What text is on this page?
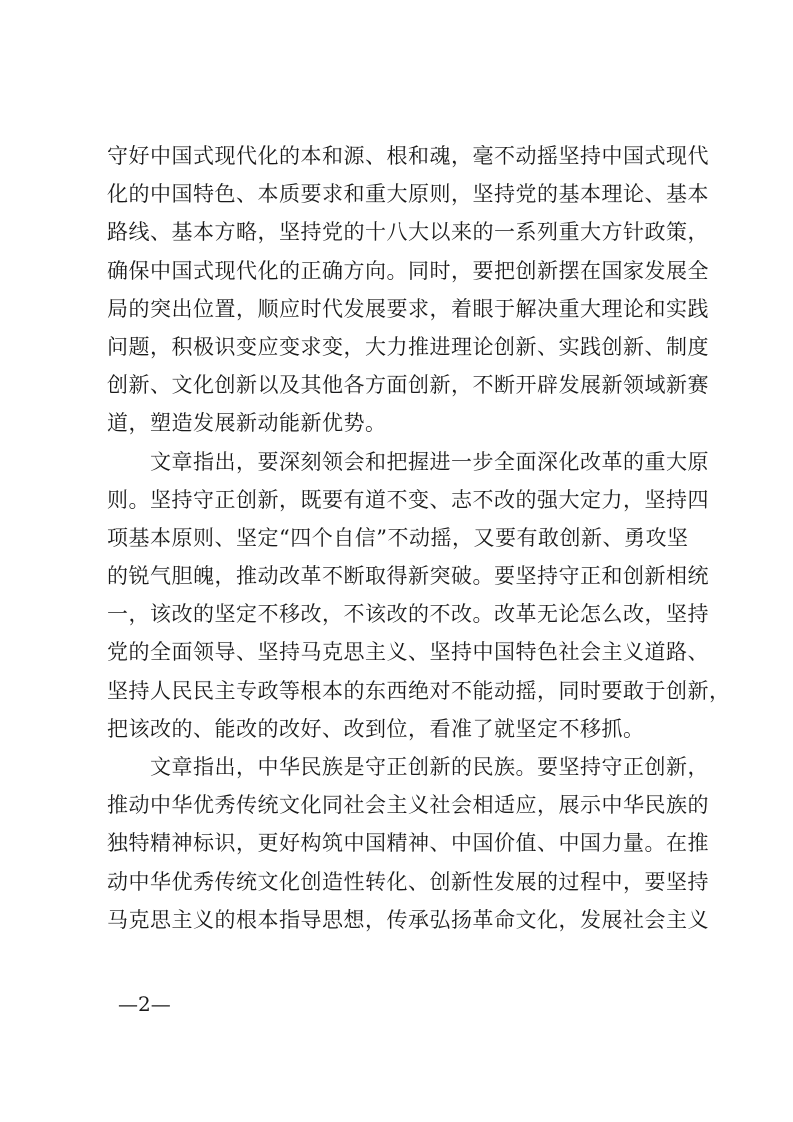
守好中国式现代化的本和源、根和魂，毫不动摇坚持中国式现代
化的中国特色、本质要求和重大原则，坚持党的基本理论、基本
路线、基本方略，坚持党的十八大以来的一系列重大方针政策，
确保中国式现代化的正确方向。同时，要把创新摆在国家发展全
局的突出位置，顺应时代发展要求，着眼于解决重大理论和实践
问题，积极识变应变求变，大力推进理论创新、实践创新、制度
创新、文化创新以及其他各方面创新，不断开辟发展新领域新赛
道，塑造发展新动能新优势。
　　文章指出，要深刻领会和把握进一步全面深化改革的重大原
则。坚持守正创新，既要有道不变、志不改的强大定力，坚持四
项基本原则、坚定“四个自信”不动摇，又要有敢创新、勇攻坚
的锐气胆魄，推动改革不断取得新突破。要坚持守正和创新相统
一，该改的坚定不移改，不该改的不改。改革无论怎么改，坚持
党的全面领导、坚持马克思主义、坚持中国特色社会主义道路、
坚持人民民主专政等根本的东西绝对不能动摇，同时要敢于创新，
把该改的、能改的改好、改到位，看准了就坚定不移抓。
　　文章指出，中华民族是守正创新的民族。要坚持守正创新，
推动中华优秀传统文化同社会主义社会相适应，展示中华民族的
独特精神标识，更好构筑中国精神、中国价值、中国力量。在推
动中华优秀传统文化创造性转化、创新性发展的过程中，要坚持
马克思主义的根本指导思想，传承弘扬革命文化，发展社会主义
—2—
